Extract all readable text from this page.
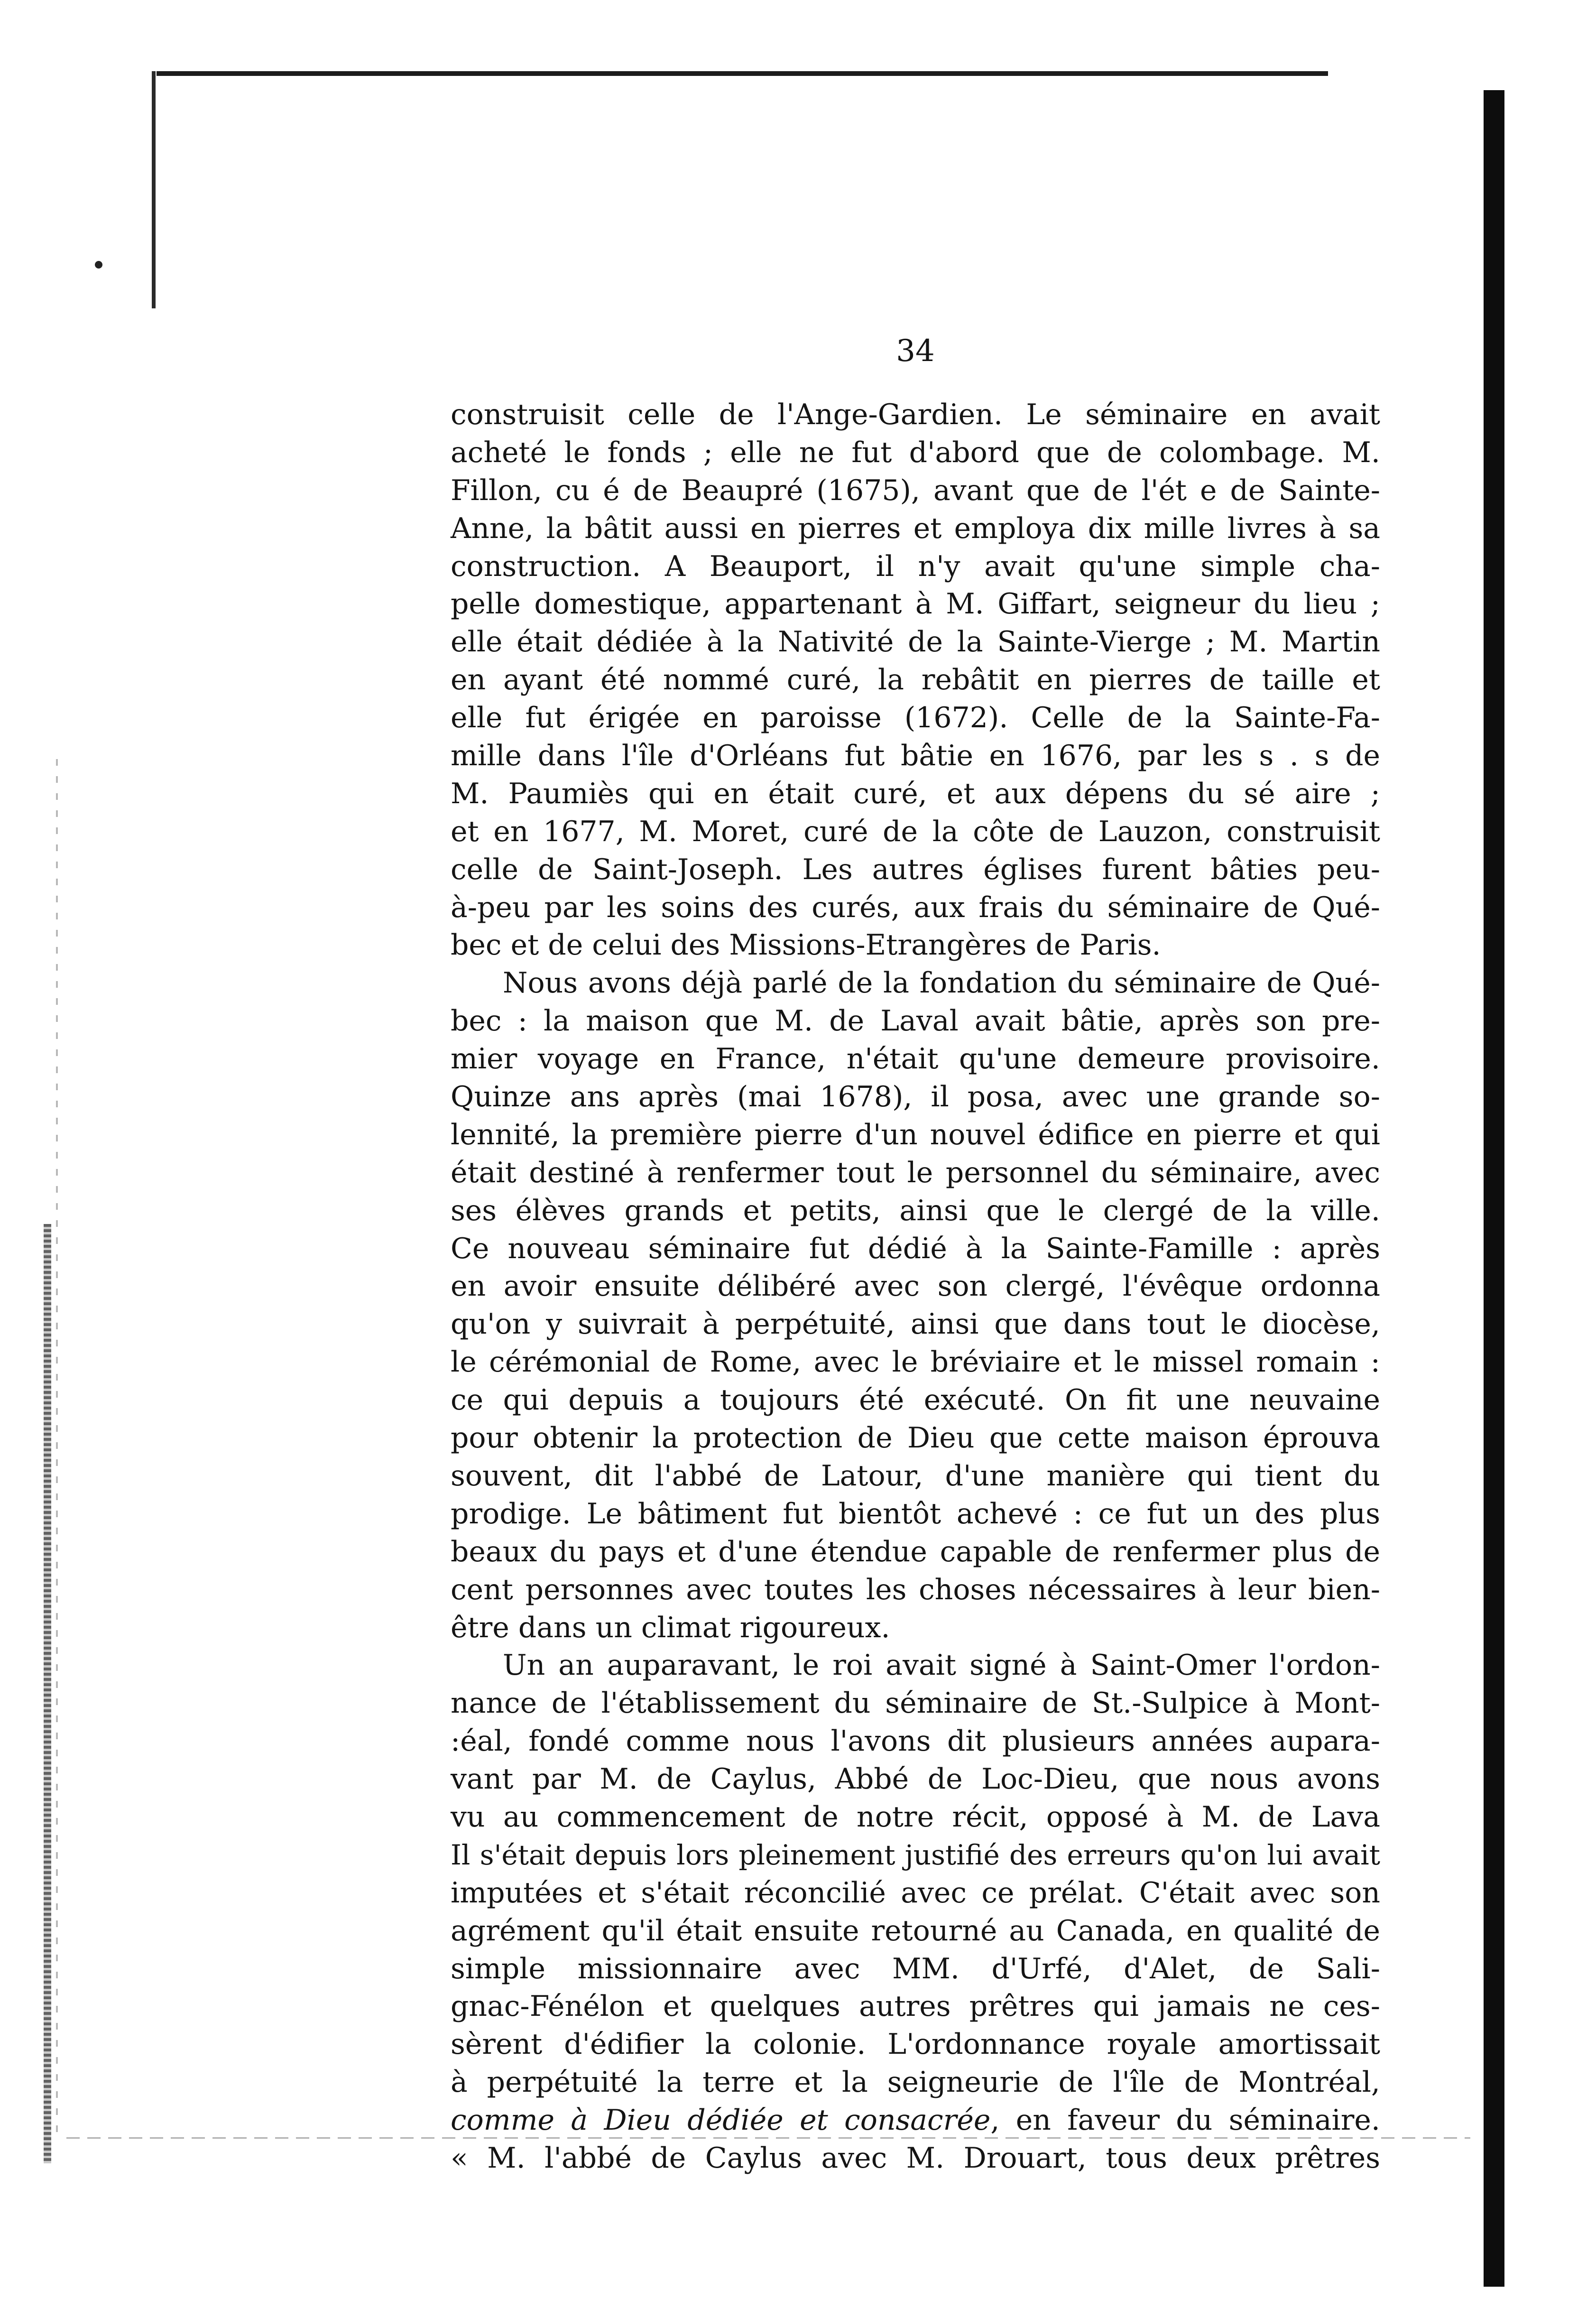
34
construisit celle de l'Ange-Gardien. Le séminaire en avait
acheté le fonds ; elle ne fut d'abord que de colombage. M.
Fillon, cu é de Beaupré (1675), avant que de l'ét e de Sainte-
Anne, la bâtit aussi en pierres et employa dix mille livres à sa
construction. A Beauport, il n'y avait qu'une simple cha-
pelle domestique, appartenant à M. Giffart, seigneur du lieu ;
elle était dédiée à la Nativité de la Sainte-Vierge ; M. Martin
en ayant été nommé curé, la rebâtit en pierres de taille et
elle fut érigée en paroisse (1672). Celle de la Sainte-Fa-
mille dans l'île d'Orléans fut bâtie en 1676, par les s . s de
M. Paumiès qui en était curé, et aux dépens du sé aire ;
et en 1677, M. Moret, curé de la côte de Lauzon, construisit
celle de Saint-Joseph. Les autres églises furent bâties peu-
à-peu par les soins des curés, aux frais du séminaire de Qué-
bec et de celui des Missions-Etrangères de Paris.
Nous avons déjà parlé de la fondation du séminaire de Qué-
bec : la maison que M. de Laval avait bâtie, après son pre-
mier voyage en France, n'était qu'une demeure provisoire.
Quinze ans après (mai 1678), il posa, avec une grande so-
lennité, la première pierre d'un nouvel édifice en pierre et qui
était destiné à renfermer tout le personnel du séminaire, avec
ses élèves grands et petits, ainsi que le clergé de la ville.
Ce nouveau séminaire fut dédié à la Sainte-Famille : après
en avoir ensuite délibéré avec son clergé, l'évêque ordonna
qu'on y suivrait à perpétuité, ainsi que dans tout le diocèse,
le cérémonial de Rome, avec le bréviaire et le missel romain :
ce qui depuis a toujours été exécuté. On fit une neuvaine
pour obtenir la protection de Dieu que cette maison éprouva
souvent, dit l'abbé de Latour, d'une manière qui tient du
prodige. Le bâtiment fut bientôt achevé : ce fut un des plus
beaux du pays et d'une étendue capable de renfermer plus de
cent personnes avec toutes les choses nécessaires à leur bien-
être dans un climat rigoureux.
Un an auparavant, le roi avait signé à Saint-Omer l'ordon-
nance de l'établissement du séminaire de St.-Sulpice à Mont-
:éal, fondé comme nous l'avons dit plusieurs années aupara-
vant par M. de Caylus, Abbé de Loc-Dieu, que nous avons
vu au commencement de notre récit, opposé à M. de Lava
Il s'était depuis lors pleinement justifié des erreurs qu'on lui avait
imputées et s'était réconcilié avec ce prélat. C'était avec son
agrément qu'il était ensuite retourné au Canada, en qualité de
simple missionnaire avec MM. d'Urfé, d'Alet, de Sali-
gnac-Fénélon et quelques autres prêtres qui jamais ne ces-
sèrent d'édifier la colonie. L'ordonnance royale amortissait
à perpétuité la terre et la seigneurie de l'île de Montréal,
comme à Dieu dédiée et consacrée, en faveur du séminaire.
« M. l'abbé de Caylus avec M. Drouart, tous deux prêtres
